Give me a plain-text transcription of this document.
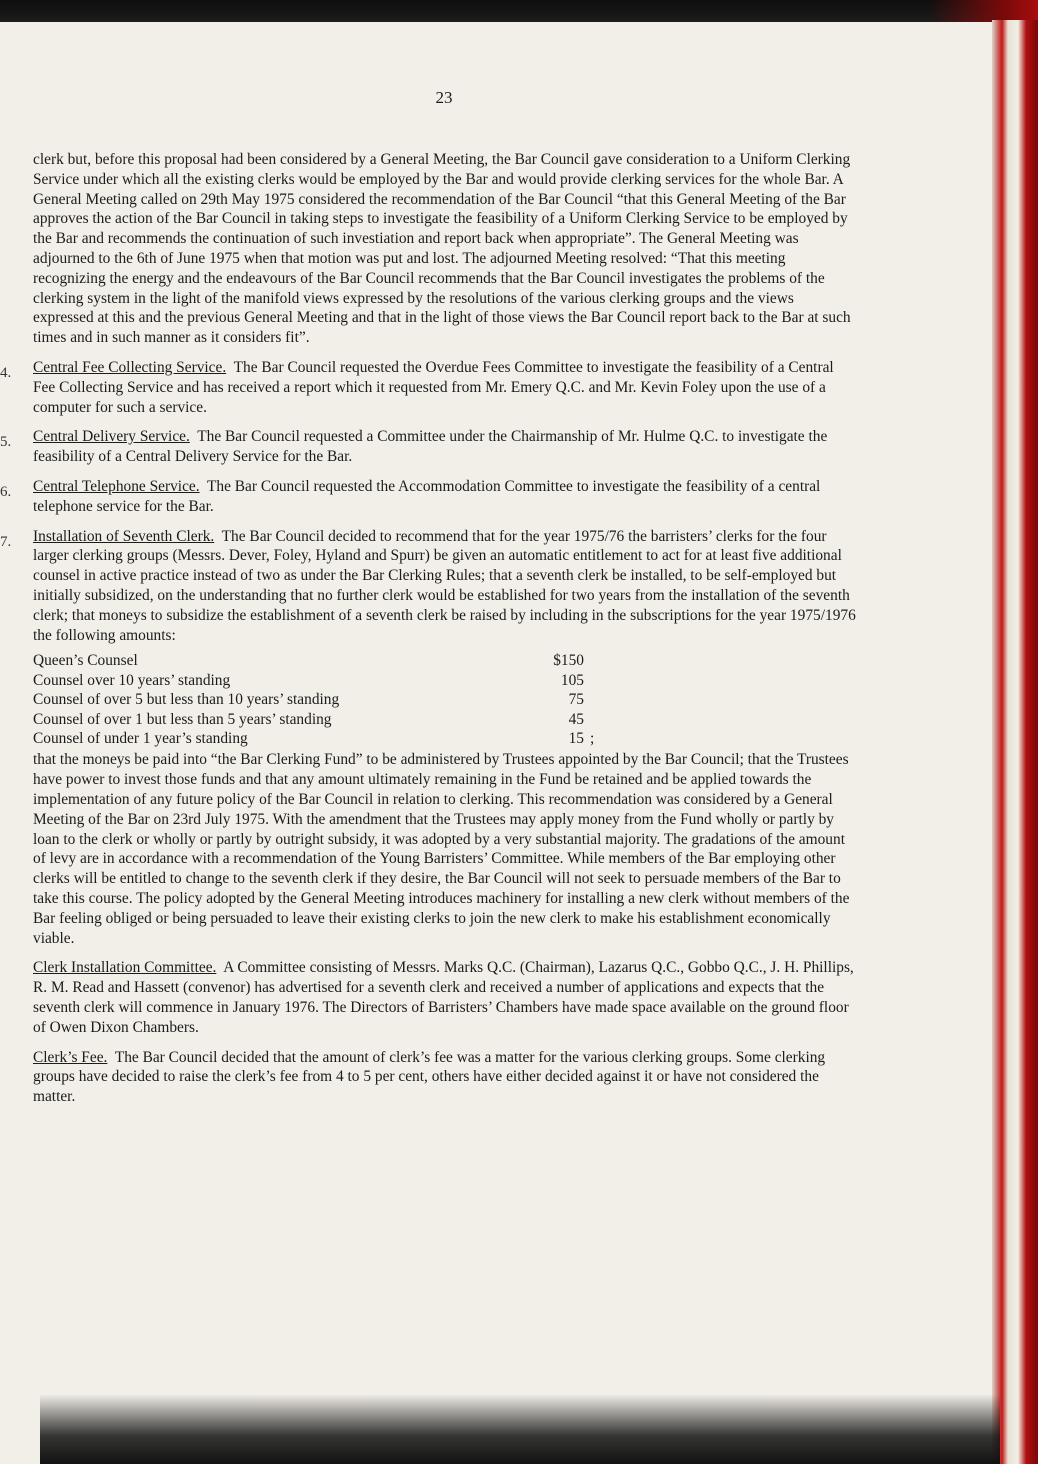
23

clerk but, before this proposal had been considered by a General Meeting, the Bar Council gave consideration to a Uniform Clerking Service under which all the existing clerks would be employed by the Bar and would provide clerking services for the whole Bar. A General Meeting called on 29th May 1975 considered the recommendation of the Bar Council “that this General Meeting of the Bar approves the action of the Bar Council in taking steps to investigate the feasibility of a Uniform Clerking Service to be employed by the Bar and recommends the continuation of such investiation and report back when appropriate”. The General Meeting was adjourned to the 6th of June 1975 when that motion was put and lost. The adjourned Meeting resolved: “That this meeting recognizing the energy and the endeavours of the Bar Council recommends that the Bar Council investigates the problems of the clerking system in the light of the manifold views expressed by the resolutions of the various clerking groups and the views expressed at this and the previous General Meeting and that in the light of those views the Bar Council report back to the Bar at such times and in such manner as it considers fit”.

4. Central Fee Collecting Service. The Bar Council requested the Overdue Fees Committee to investigate the feasibility of a Central Fee Collecting Service and has received a report which it requested from Mr. Emery Q.C. and Mr. Kevin Foley upon the use of a computer for such a service.
5. Central Delivery Service. The Bar Council requested a Committee under the Chairmanship of Mr. Hulme Q.C. to investigate the feasibility of a Central Delivery Service for the Bar.
6. Central Telephone Service. The Bar Council requested the Accommodation Committee to investigate the feasibility of a central telephone service for the Bar.
7. Installation of Seventh Clerk. The Bar Council decided to recommend that for the year 1975/76 the barristers’ clerks for the four larger clerking groups (Messrs. Dever, Foley, Hyland and Spurr) be given an automatic entitlement to act for at least five additional counsel in active practice instead of two as under the Bar Clerking Rules; that a seventh clerk be installed, to be self-employed but initially subsidized, on the understanding that no further clerk would be established for two years from the installation of the seventh clerk; that moneys to subsidize the establishment of a seventh clerk be raised by including in the subscriptions for the year 1975/1976 the following amounts:
Queen’s Counsel	$150	
Counsel over 10 years’ standing	105	
Counsel of over 5 but less than 10 years’ standing	75	
Counsel of over 1 but less than 5 years’ standing	45	
Counsel of under 1 year’s standing	15	;
that the moneys be paid into “the Bar Clerking Fund” to be administered by Trustees appointed by the Bar Council; that the Trustees have power to invest those funds and that any amount ultimately remaining in the Fund be retained and be applied towards the implementation of any future policy of the Bar Council in relation to clerking. This recommendation was considered by a General Meeting of the Bar on 23rd July 1975. With the amendment that the Trustees may apply money from the Fund wholly or partly by loan to the clerk or wholly or partly by outright subsidy, it was adopted by a very substantial majority. The gradations of the amount of levy are in accordance with a recommendation of the Young Barristers’ Committee. While members of the Bar employing other clerks will be entitled to change to the seventh clerk if they desire, the Bar Council will not seek to persuade members of the Bar to take this course. The policy adopted by the General Meeting introduces machinery for installing a new clerk without members of the Bar feeling obliged or being persuaded to leave their existing clerks to join the new clerk to make his establishment economically viable.
Clerk Installation Committee. A Committee consisting of Messrs. Marks Q.C. (Chairman), Lazarus Q.C., Gobbo Q.C., J. H. Phillips, R. M. Read and Hassett (convenor) has advertised for a seventh clerk and received a number of applications and expects that the seventh clerk will commence in January 1976. The Directors of Barristers’ Chambers have made space available on the ground floor of Owen Dixon Chambers.
Clerk’s Fee. The Bar Council decided that the amount of clerk’s fee was a matter for the various clerking groups. Some clerking groups have decided to raise the clerk’s fee from 4 to 5 per cent, others have either decided against it or have not considered the matter.
